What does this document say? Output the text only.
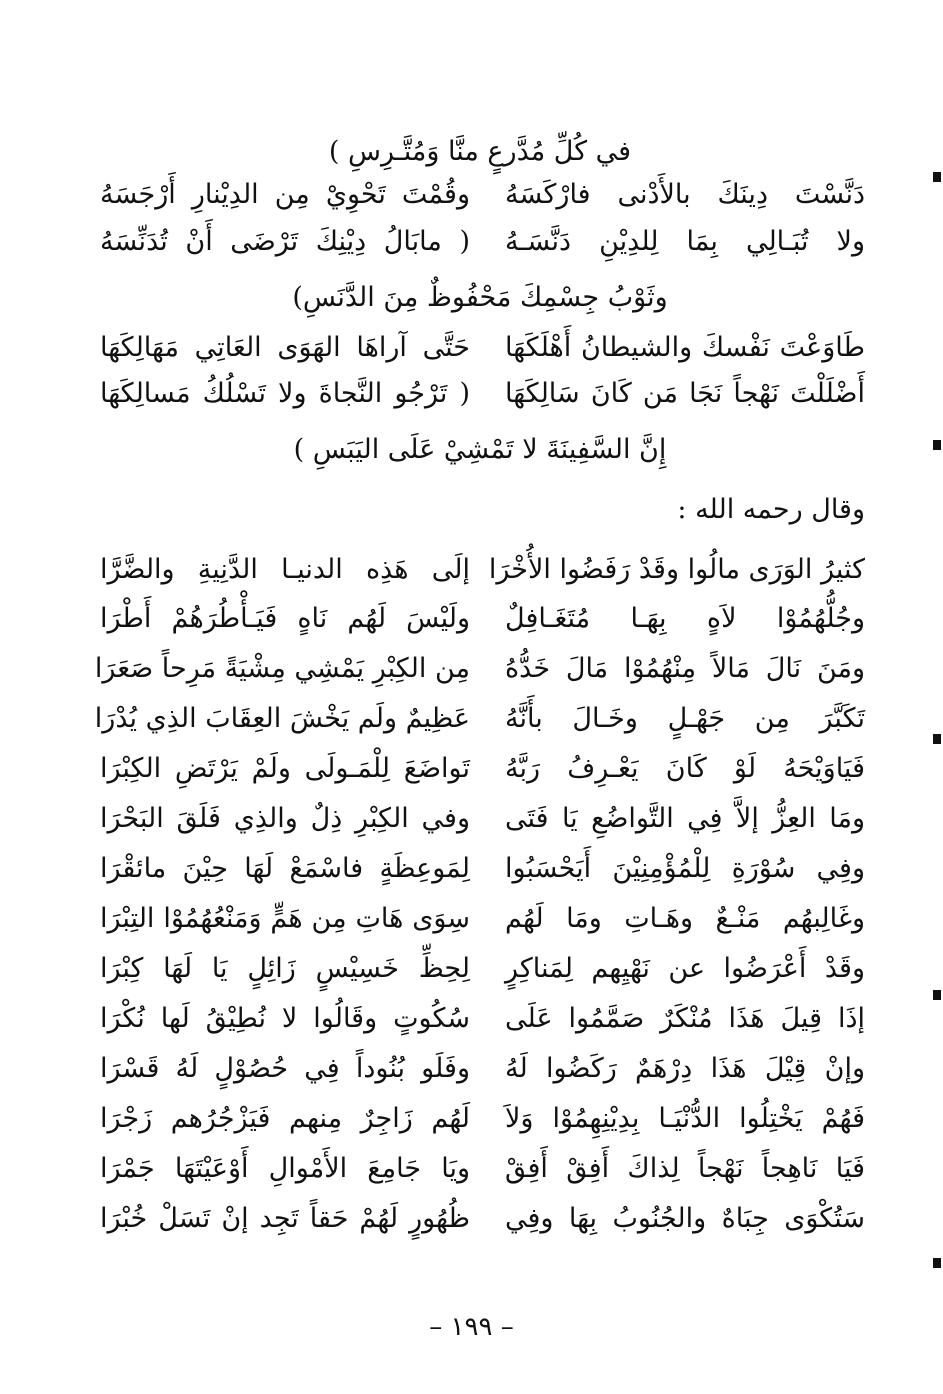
في كُلِّ مُدَّرعٍ منَّا وَمُتَّـرِسِ )
دَنَّسْتَ دِينَكَ بالأَدْنى فارْكَسَهُ
وقُمْتَ تَحْوِيْ مِن الدِيْنارِ أَرْجَسَهُ
ولا تُبَـالِي بِمَا لِلدِيْنِ دَنَّسَـهُ
( مابَالُ دِيْنِكَ تَرْضَى أَنْ تُدَنِّسَهُ
وثَوْبُ جِسْمِكَ مَحْفُوظٌ مِنَ الدَّنَسِ)
طَاوَعْتَ نَفْسكَ والشيطانُ أَهْلَكَهَا
حَتَّى آراهَا الهَوَى العَاتِي مَهَالِكَهَا
أَضْلَلْتَ نَهْجاً نَجَا مَن كَانَ سَالِكَهَا
( تَرْجُو النَّجاةَ ولا تَسْلُكُ مَسالِكَهَا
إِنَّ السَّفِينَةَ لا تَمْشِيْ عَلَى اليَبَسِ )
وقال رحمه الله :
كثيرُ الوَرَى مالُوا وقَدْ رَفَضُوا الأُخْرَا
إلَى هَذِه الدنيـا الدَّنِيةِ والضَّرَّا
وجُلُّهُمُوْا لاَهٍ بِهَـا مُتَغَـافِلٌ
ولَيْسَ لَهُم نَاهٍ فَيَـأْطُرَهُمْ أَطْرَا
ومَنَ نَالَ مَالاً مِنْهُمُوْا مَالَ خَدُّهُ
مِن الكِبْرِ يَمْشِي مِشْيَةً مَرِحاً صَعَرَا
تَكَبَّرَ مِن جَهْـلٍ وخَـالَ بأَنَّهُ
عَظِيمٌ ولَم يَخْشَ العِقَابَ الذِي يُدْرَا
فَيَاوَيْحَهُ لَوْ كَانَ يَعْـرِفُ رَبَّهُ
تَواضَعَ لِلْمَـولَى ولَمْ يَرْتَضِ الكِبْرَا
ومَا العِزُّ إلاَّ فِي التَّواضُعِ يَا فَتَى
وفي الكِبْرِ ذِلٌ والذِي فَلَقَ البَحْرَا
وفِي سُوْرَةِ لِلْمُؤْمِنِيْنَ أَيَحْسَبُوا
لِمَوعِظَةٍ فاسْمَعْ لَهَا حِيْنَ مائقْرَا
وغَالِبهُم مَنْـعٌ وهَـاتِ ومَا لَهُم
سِوَى هَاتِ مِن هَمٍّ وَمَنْعُهُمُوْا التِبْرَا
وقَدْ أَعْرَضُوا عن نَهْيِهم لِمَناكِرٍ
لِحِظِّ خَسِيْسٍ زَائِلٍ يَا لَهَا كِبْرَا
إذَا قِيلَ هَذَا مُنْكَرٌ صَمَّمُوا عَلَى
سُكُوتٍ وقَالُوا لا نُطِيْقُ لَها نُكْرَا
وإنْ قِيْلَ هَذَا دِرْهَمٌ رَكَضُوا لَهُ
وفَلَو بُنُوداً فِي حُصُوْلٍ لَهُ قَسْرَا
فَهُمْ يَخْتِلُوا الدُّنْيَـا بِدِيْنِهِمُوْا وَلاَ
لَهُم زَاجِرٌ مِنهم فَيَزْجُرُهم زَجْرَا
فَيَا نَاهِجاً نَهْجاً لِذاكَ أَفِقْ أَفِقْ
ويَا جَامِعَ الأَمْوالِ أَوْعَيْتَهَا جَمْرَا
سَتُكْوَى جِبَاهٌ والجُنُوبُ بِهَا وفِي
ظُهُورٍ لَهُمْ حَقاً تَجِد إنْ تَسَلْ خُبْرَا
– ١٩٩ –
